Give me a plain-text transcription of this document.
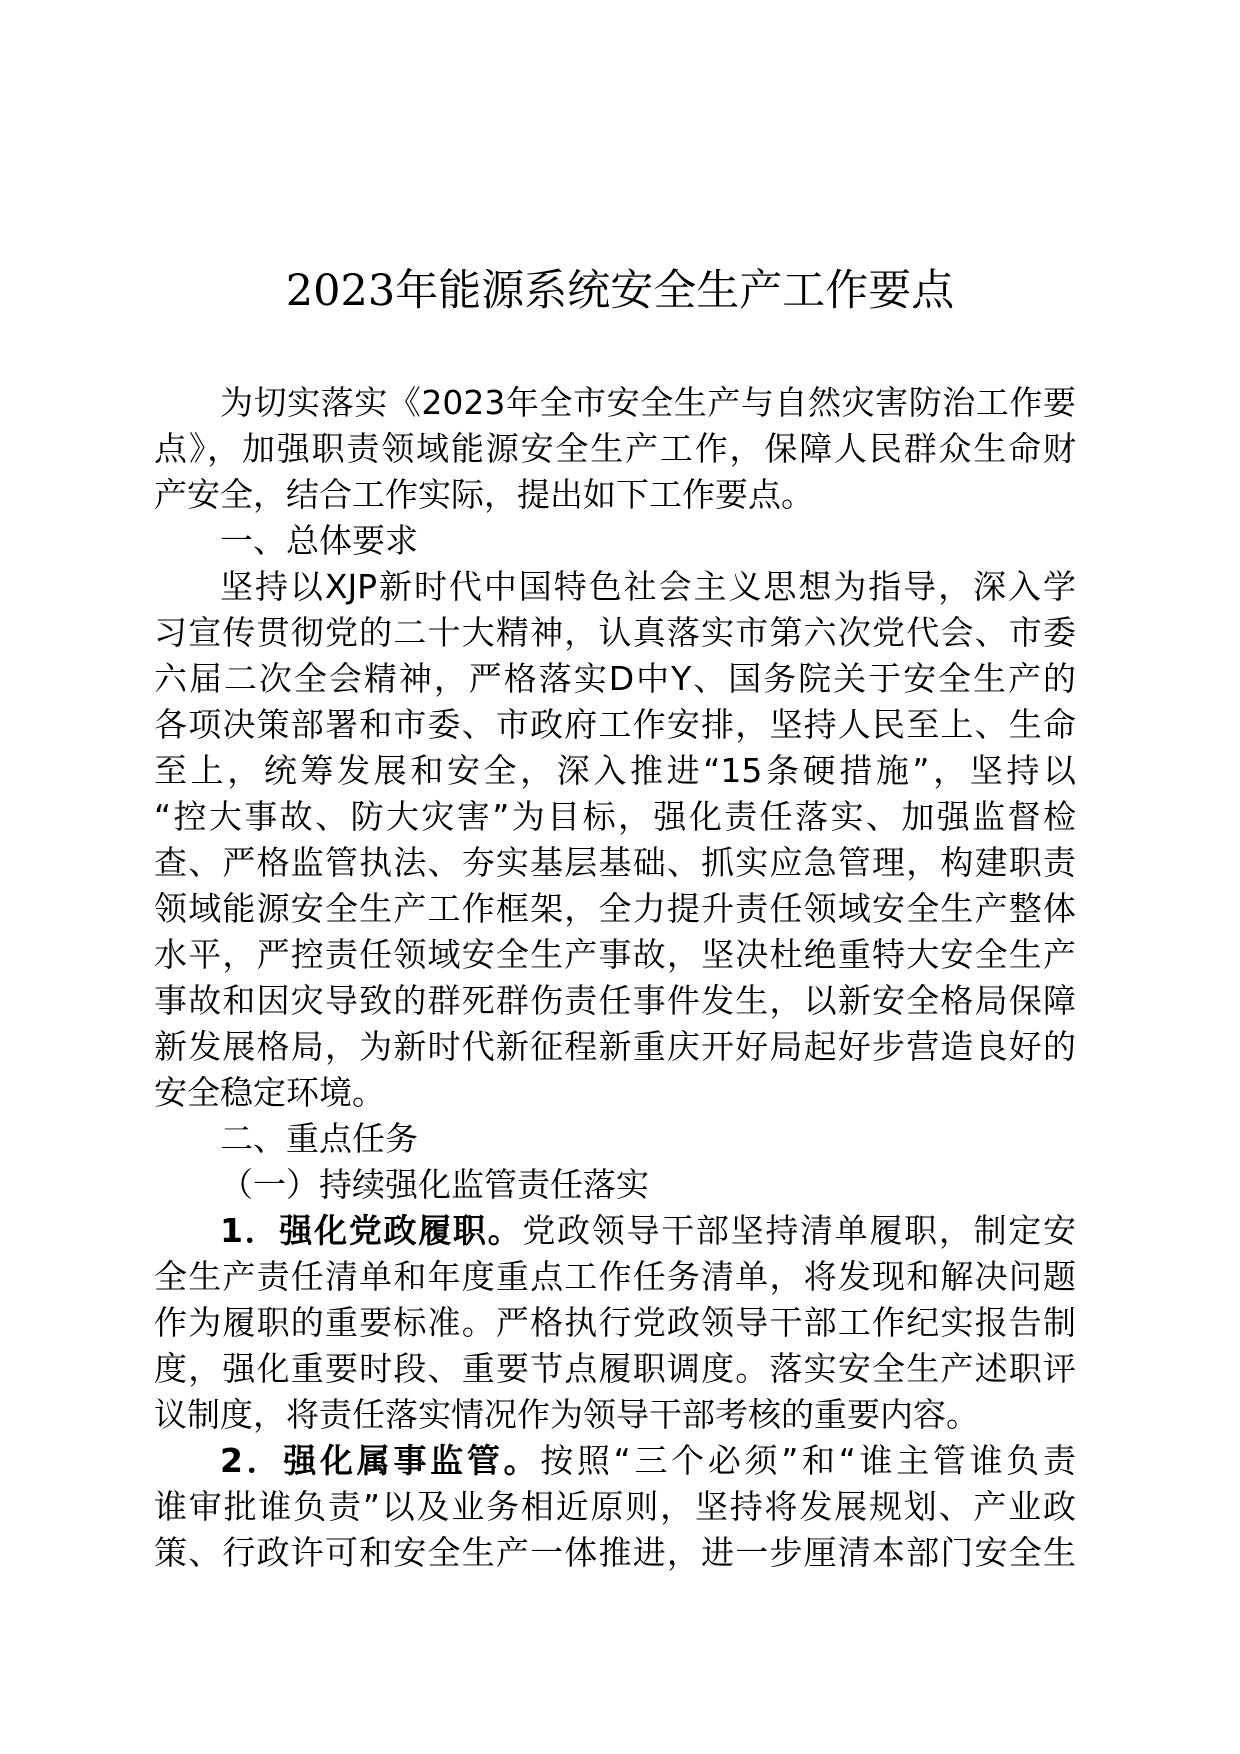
2023年能源系统安全生产工作要点
为切实落实《2023年全市安全生产与自然灾害防治工作要
点》，加强职责领域能源安全生产工作，保障人民群众生命财
产安全，结合工作实际，提出如下工作要点。
一、总体要求
坚持以XJP新时代中国特色社会主义思想为指导，深入学
习宣传贯彻党的二十大精神，认真落实市第六次党代会、市委
六届二次全会精神，严格落实D中Y、国务院关于安全生产的
各项决策部署和市委、市政府工作安排，坚持人民至上、生命
至上，统筹发展和安全，深入推进“15条硬措施”，坚持以
“控大事故、防大灾害”为目标，强化责任落实、加强监督检
查、严格监管执法、夯实基层基础、抓实应急管理，构建职责
领域能源安全生产工作框架，全力提升责任领域安全生产整体
水平，严控责任领域安全生产事故，坚决杜绝重特大安全生产
事故和因灾导致的群死群伤责任事件发生，以新安全格局保障
新发展格局，为新时代新征程新重庆开好局起好步营造良好的
安全稳定环境。
二、重点任务
（一）持续强化监管责任落实
1．强化党政履职。党政领导干部坚持清单履职，制定安
全生产责任清单和年度重点工作任务清单，将发现和解决问题
作为履职的重要标准。严格执行党政领导干部工作纪实报告制
度，强化重要时段、重要节点履职调度。落实安全生产述职评
议制度，将责任落实情况作为领导干部考核的重要内容。
2．强化属事监管。按照“三个必须”和“谁主管谁负责
谁审批谁负责”以及业务相近原则，坚持将发展规划、产业政
策、行政许可和安全生产一体推进，进一步厘清本部门安全生
